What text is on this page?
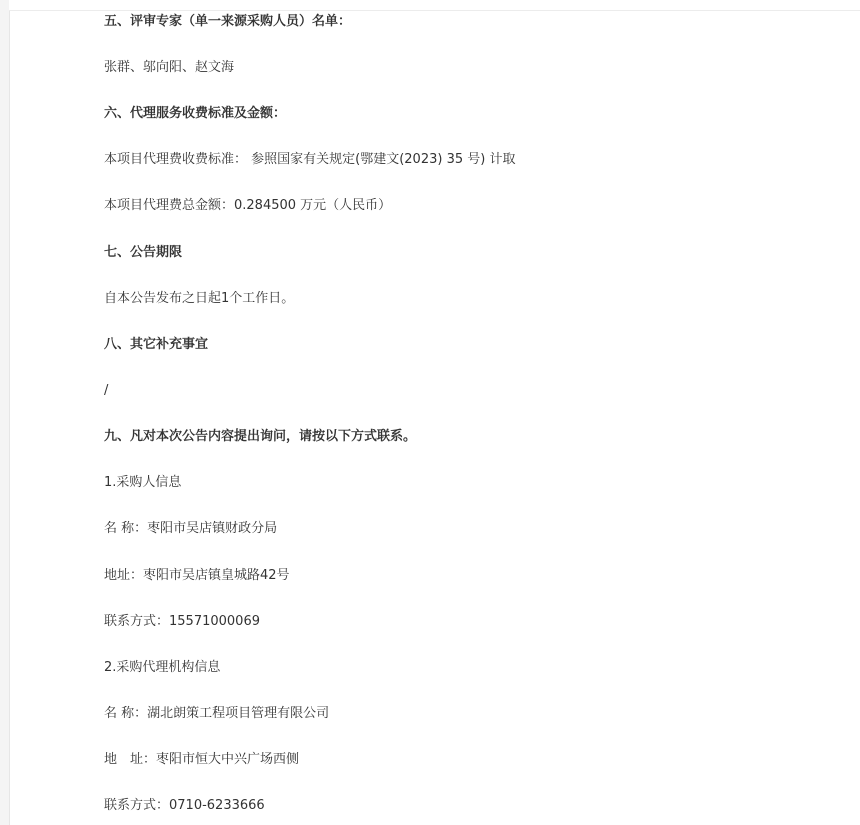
五、评审专家（单一来源采购人员）名单：
张群、邬向阳、赵文海
六、代理服务收费标准及金额：
本项目代理费收费标准： 参照国家有关规定(鄂建文(2023) 35 号) 计取
本项目代理费总金额：0.284500 万元（人民币）
七、公告期限
自本公告发布之日起1个工作日。
八、其它补充事宜
/
九、凡对本次公告内容提出询问，请按以下方式联系。
1.采购人信息
名 称：枣阳市吴店镇财政分局
地址：枣阳市吴店镇皇城路42号
联系方式：15571000069
2.采购代理机构信息
名 称：湖北朗策工程项目管理有限公司
地　址：枣阳市恒大中兴广场西侧
联系方式：0710-6233666
